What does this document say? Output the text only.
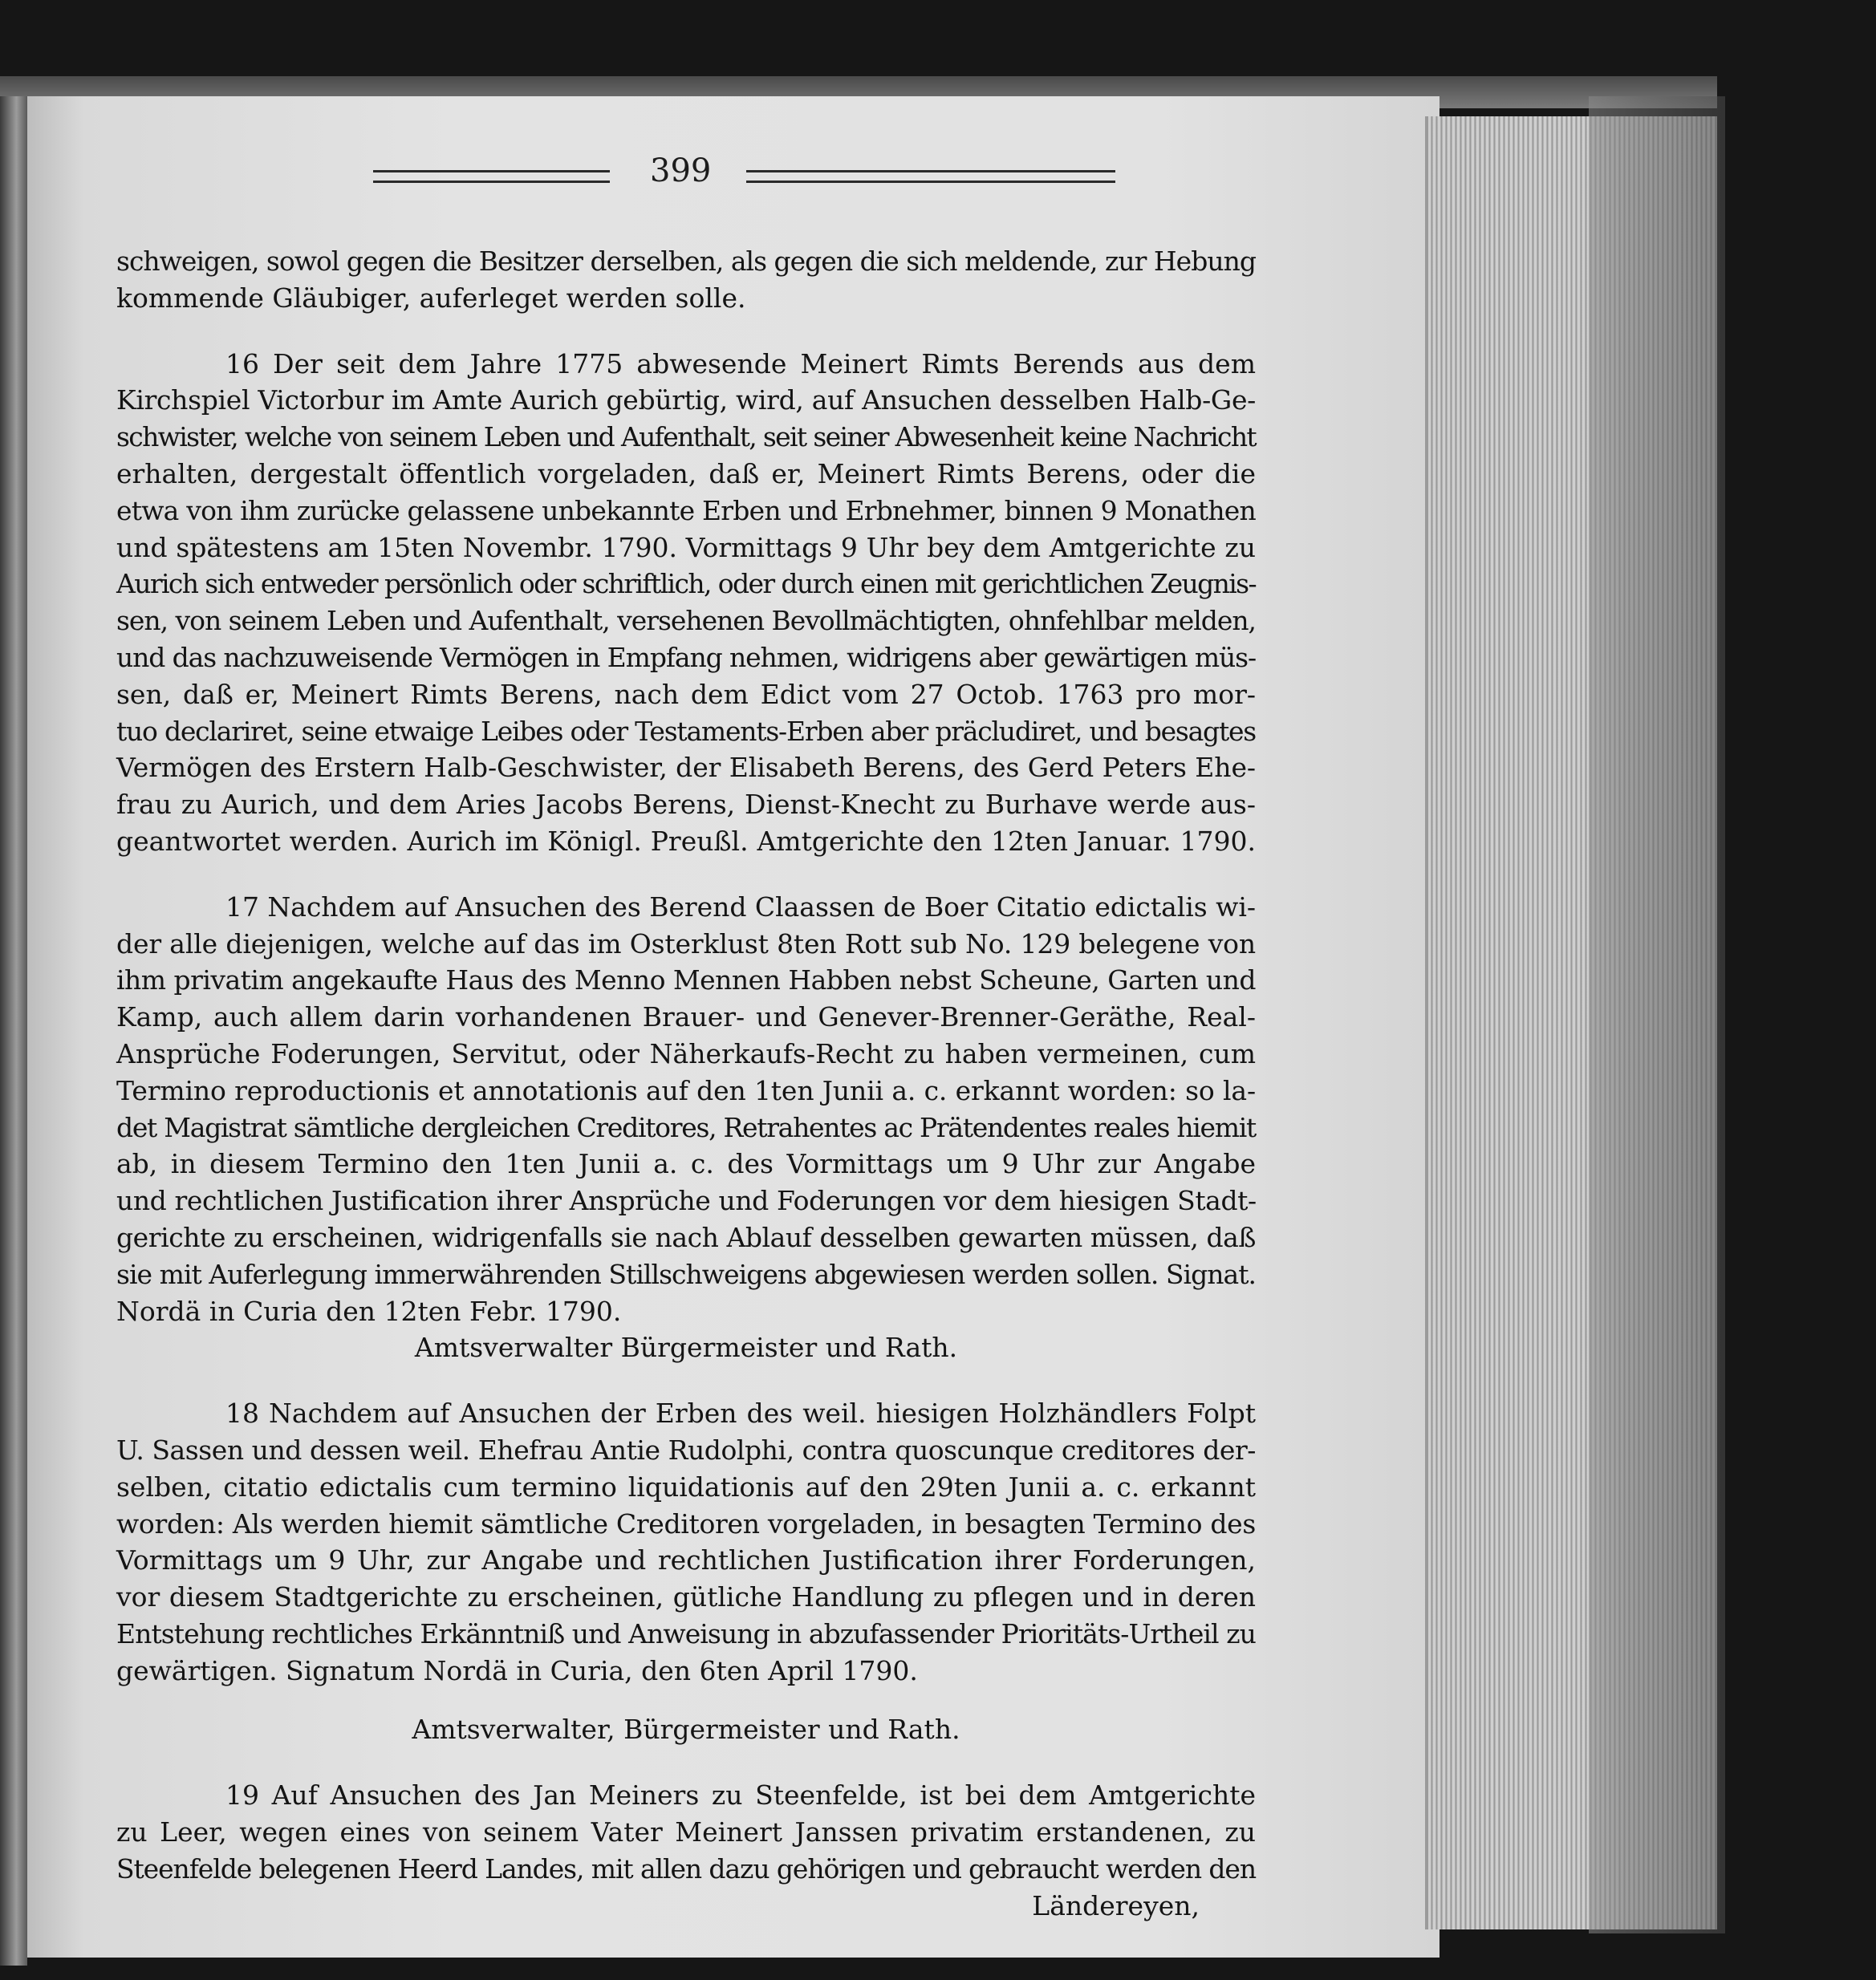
399
schweigen, sowol gegen die Besitzer derselben, als gegen die sich meldende, zur Hebung
kommende Gläubiger, auferleget werden solle.
16 Der seit dem Jahre 1775 abwesende Meinert Rimts Berends aus dem
Kirchspiel Victorbur im Amte Aurich gebürtig, wird, auf Ansuchen desselben Halb-Ge-
schwister, welche von seinem Leben und Aufenthalt, seit seiner Abwesenheit keine Nachricht
erhalten, dergestalt öffentlich vorgeladen, daß er, Meinert Rimts Berens, oder die
etwa von ihm zurücke gelassene unbekannte Erben und Erbnehmer, binnen 9 Monathen
und spätestens am 15ten Novembr. 1790. Vormittags 9 Uhr bey dem Amtgerichte zu
Aurich sich entweder persönlich oder schriftlich, oder durch einen mit gerichtlichen Zeugnis-
sen, von seinem Leben und Aufenthalt, versehenen Bevollmächtigten, ohnfehlbar melden,
und das nachzuweisende Vermögen in Empfang nehmen, widrigens aber gewärtigen müs-
sen, daß er, Meinert Rimts Berens, nach dem Edict vom 27 Octob. 1763 pro mor-
tuo declariret, seine etwaige Leibes oder Testaments-Erben aber präcludiret, und besagtes
Vermögen des Erstern Halb-Geschwister, der Elisabeth Berens, des Gerd Peters Ehe-
frau zu Aurich, und dem Aries Jacobs Berens, Dienst-Knecht zu Burhave werde aus-
geantwortet werden. Aurich im Königl. Preußl. Amtgerichte den 12ten Januar. 1790.
17 Nachdem auf Ansuchen des Berend Claassen de Boer Citatio edictalis wi-
der alle diejenigen, welche auf das im Osterklust 8ten Rott sub No. 129 belegene von
ihm privatim angekaufte Haus des Menno Mennen Habben nebst Scheune, Garten und
Kamp, auch allem darin vorhandenen Brauer- und Genever-Brenner-Geräthe, Real-
Ansprüche Foderungen, Servitut, oder Näherkaufs-Recht zu haben vermeinen, cum
Termino reproductionis et annotationis auf den 1ten Junii a. c. erkannt worden: so la-
det Magistrat sämtliche dergleichen Creditores, Retrahentes ac Prätendentes reales hiemit
ab, in diesem Termino den 1ten Junii a. c. des Vormittags um 9 Uhr zur Angabe
und rechtlichen Justification ihrer Ansprüche und Foderungen vor dem hiesigen Stadt-
gerichte zu erscheinen, widrigenfalls sie nach Ablauf desselben gewarten müssen, daß
sie mit Auferlegung immerwährenden Stillschweigens abgewiesen werden sollen. Signat.
Nordä in Curia den 12ten Febr. 1790.
Amtsverwalter Bürgermeister und Rath.
18 Nachdem auf Ansuchen der Erben des weil. hiesigen Holzhändlers Folpt
U. Sassen und dessen weil. Ehefrau Antie Rudolphi, contra quoscunque creditores der-
selben, citatio edictalis cum termino liquidationis auf den 29ten Junii a. c. erkannt
worden: Als werden hiemit sämtliche Creditoren vorgeladen, in besagten Termino des
Vormittags um 9 Uhr, zur Angabe und rechtlichen Justification ihrer Forderungen,
vor diesem Stadtgerichte zu erscheinen, gütliche Handlung zu pflegen und in deren
Entstehung rechtliches Erkänntniß und Anweisung in abzufassender Prioritäts-Urtheil zu
gewärtigen. Signatum Nordä in Curia, den 6ten April 1790.
Amtsverwalter, Bürgermeister und Rath.
19 Auf Ansuchen des Jan Meiners zu Steenfelde, ist bei dem Amtgerichte
zu Leer, wegen eines von seinem Vater Meinert Janssen privatim erstandenen, zu
Steenfelde belegenen Heerd Landes, mit allen dazu gehörigen und gebraucht werden den
Ländereyen,
